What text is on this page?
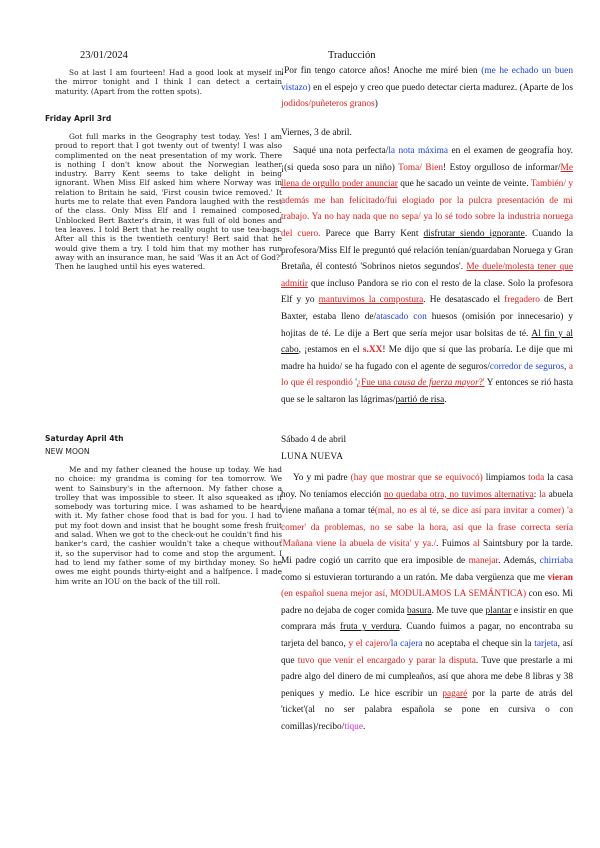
23/01/2024	Traducción

So at last I am fourteen! Had a good look at myself in the mirror tonight and I think I can detect a certain maturity. (Apart from the rotten spots).

Friday April 3rd

Got full marks in the Geography test today. Yes! I am proud to report that I got twenty out of twenty! I was also complimented on the neat presentation of my work. There is nothing I don't know about the Norwegian leather industry. Barry Kent seems to take delight in being ignorant. When Miss Elf asked him where Norway was in relation to Britain he said, 'First cousin twice removed.' It hurts me to relate that even Pandora laughed with the rest of the class. Only Miss Elf and I remained composed. Unblocked Bert Baxter's drain, it was full of old bones and tea leaves. I told Bert that he really ought to use tea-bags. After all this is the twentieth century! Bert said that he would give them a try. I told him that my mother has run away with an insurance man, he said 'Was it an Act of God?' Then he laughed until his eyes watered.

Saturday April 4th
NEW MOON

Me and my father cleaned the house up today. We had no choice: my grandma is coming for tea tomorrow. We went to Sainsbury's in the afternoon. My father chose a trolley that was impossible to steer. It also squeaked as if somebody was torturing mice. I was ashamed to be heard with it. My father chose food that is bad for you. I had to put my foot down and insist that he bought some fresh fruit and salad. When we got to the check-out he couldn't find his banker's card, the cashier wouldn't take a cheque without it, so the supervisor had to come and stop the argument. I had to lend my father some of my birthday money. So he owes me eight pounds thirty-eight and a halfpence. I made him write an IOU on the back of the till roll.

¡Por fin tengo catorce años! Anoche me miré bien (me he echado un buen vistazo) en el espejo y creo que puedo detectar cierta madurez. (Aparte de los jodidos/puñeteros granos)

Viernes, 3 de abril.

Saqué una nota perfecta/la nota máxima en el examen de geografía hoy. ¡(si queda soso para un niño) Toma/ Bien! Estoy orgulloso de informar/Me llena de orgullo poder anunciar que he sacado un veinte de veinte. También/ y además me han felicitado/fui elogiado por la pulcra presentación de mi trabajo. Ya no hay nada que no sepa/ ya lo sé todo sobre la industria noruega del cuero. Parece que Barry Kent disfrutar siendo ignorante. Cuando la profesora/Miss Elf le preguntó qué relación tenían/guardaban Noruega y Gran Bretaña, él contestó 'Sobrinos nietos segundos'. Me duele/molesta tener que admitir que incluso Pandora se rio con el resto de la clase. Solo la profesora Elf y yo mantuvimos la compostura. He desatascado el fregadero de Bert Baxter, estaba lleno de/atascado con huesos (omisión por innecesario) y hojitas de té. Le dije a Bert que sería mejor usar bolsitas de té. Al fin y al cabo, ¡estamos en el s.XX! Me dijo que sí que las probaría. Le dije que mi madre ha huido/ se ha fugado con el agente de seguros/corredor de seguros, a lo que él respondió '¿Fue una causa de fuerza mayor?' Y entonces se rió hasta que se le saltaron las lágrimas/partió de risa.

Sábado 4 de abril
LUNA NUEVA

Yo y mi padre (hay que mostrar que se equivocó) limpiamos toda la casa hoy. No teníamos elección no quedaba otra, no tuvimos alternativa: la abuela viene mañana a tomar té(mal, no es al té, se dice así para invitar a comer) 'a comer' da problemas, no se sabe la hora, así que la frase correcta sería 'Mañana viene la abuela de visita' y ya./. Fuimos al Saintsbury por la tarde. Mi padre cogió un carrito que era imposible de manejar. Además, chirriaba como si estuvieran torturando a un ratón. Me daba vergüenza que me vieran (en español suena mejor así, MODULAMOS LA SEMÁNTICA) con eso. Mi padre no dejaba de coger comida basura. Me tuve que plantar e insistir en que comprara más fruta y verdura. Cuando fuimos a pagar, no encontraba su tarjeta del banco, y el cajero/la cajera no aceptaba el cheque sin la tarjeta, así que tuvo que venir el encargado y parar la disputa. Tuve que prestarle a mi padre algo del dinero de mi cumpleaños, así que ahora me debe 8 libras y 38 peniques y medio. Le hice escribir un pagaré por la parte de atrás del 'ticket'(al no ser palabra española se pone en cursiva o con comillas)/recibo/tique.
